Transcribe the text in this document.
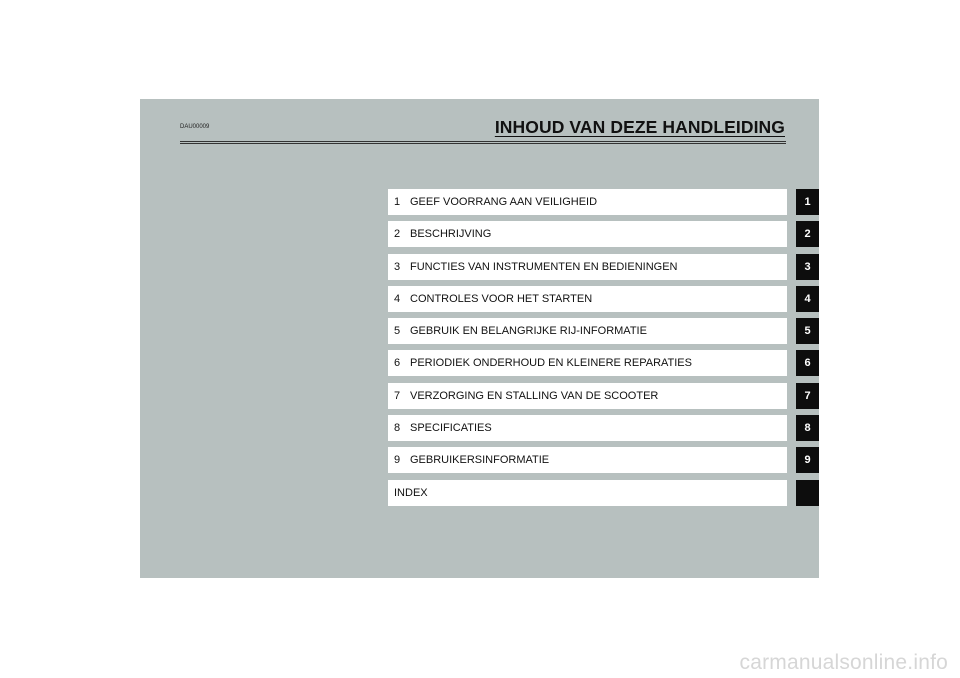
DAU00009	INHOUD VAN DEZE HANDLEIDING
1 GEEF VOORRANG AAN VEILIGHEID
2 BESCHRIJVING
3 FUNCTIES VAN INSTRUMENTEN EN BEDIENINGEN
4 CONTROLES VOOR HET STARTEN
5 GEBRUIK EN BELANGRIJKE RIJ-INFORMATIE
6 PERIODIEK ONDERHOUD EN KLEINERE REPARATIES
7 VERZORGING EN STALLING VAN DE SCOOTER
8 SPECIFICATIES
9 GEBRUIKERSINFORMATIE
INDEX
1
2
3
4
5
6
7
8
9
carmanualsonline.info
